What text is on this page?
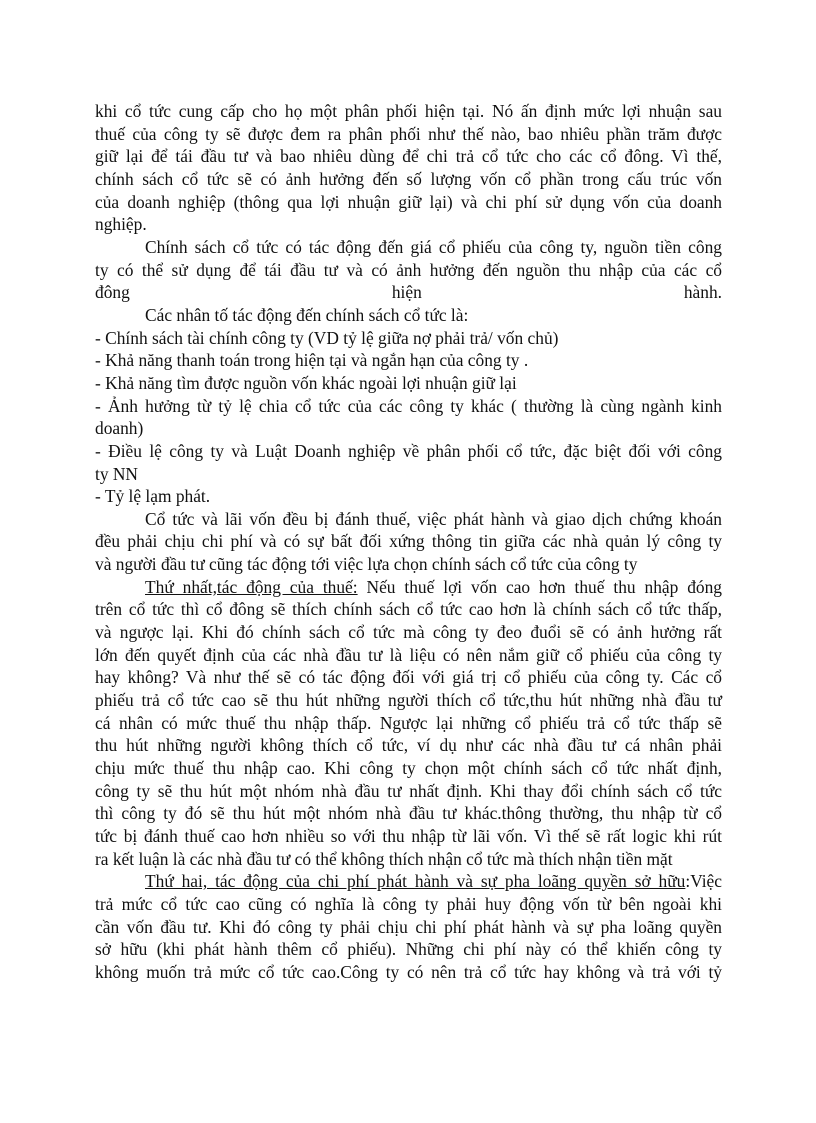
khi cổ tức cung cấp cho họ một phân phối hiện tại. Nó ấn định mức lợi nhuận sau
thuế của công ty sẽ được đem ra phân phối như thế nào, bao nhiêu phần trăm được
giữ lại để tái đầu tư và bao nhiêu dùng để chi trả cổ tức cho các cổ đông. Vì thế,
chính sách cổ tức sẽ có ảnh hưởng đến số lượng vốn cổ phần trong cấu trúc vốn
của doanh nghiệp (thông qua lợi nhuận giữ lại) và chi phí sử dụng vốn của doanh
nghiệp.
Chính sách cổ tức có tác động đến giá cổ phiếu của công ty, nguồn tiền công
ty có thể sử dụng để tái đầu tư và có ảnh hưởng đến nguồn thu nhập của các cổ
đông hiện hành.
Các nhân tố tác động đến chính sách cổ tức là:
- Chính sách tài chính công ty (VD tỷ lệ giữa nợ phải trả/ vốn chủ)
- Khả năng thanh toán trong hiện tại và ngắn hạn của công ty .
- Khả năng tìm được nguồn vốn khác ngoài lợi nhuận giữ lại
- Ảnh hưởng từ tỷ lệ chia cổ tức của các công ty khác ( thường là cùng ngành kinh
doanh)
- Điều lệ công ty và Luật Doanh nghiệp về phân phối cổ tức, đặc biệt đối với công
ty NN
- Tỷ lệ lạm phát.
Cổ tức và lãi vốn đều bị đánh thuế, việc phát hành và giao dịch chứng khoán
đều phải chịu chi phí và có sự bất đối xứng thông tin giữa các nhà quản lý công ty
và người đầu tư cũng tác động tới việc lựa chọn chính sách cổ tức của công ty
Thứ nhất,tác động của thuế: Nếu thuế lợi vốn cao hơn thuế thu nhập đóng
trên cổ tức thì cổ đông sẽ thích chính sách cổ tức cao hơn là chính sách cổ tức thấp,
và ngược lại. Khi đó chính sách cổ tức mà công ty đeo đuổi sẽ có ảnh hưởng rất
lớn đến quyết định của các nhà đầu tư là liệu có nên nắm giữ cổ phiếu của công ty
hay không? Và như thế sẽ có tác động đối với giá trị cổ phiếu của công ty. Các cổ
phiếu trả cổ tức cao sẽ thu hút những người thích cổ tức,thu hút những nhà đầu tư
cá nhân có mức thuế thu nhập thấp. Ngược lại những cổ phiếu trả cổ tức thấp sẽ
thu hút những người không thích cổ tức, ví dụ như các nhà đầu tư cá nhân phải
chịu mức thuế thu nhập cao. Khi công ty chọn một chính sách cổ tức nhất định,
công ty sẽ thu hút một nhóm nhà đầu tư nhất định. Khi thay đổi chính sách cổ tức
thì công ty đó sẽ thu hút một nhóm nhà đầu tư khác.thông thường, thu nhập từ cổ
tức bị đánh thuế cao hơn nhiều so với thu nhập từ lãi vốn. Vì thế sẽ rất logic khi rút
ra kết luận là các nhà đầu tư có thể không thích nhận cổ tức mà thích nhận tiền mặt
Thứ hai, tác động của chi phí phát hành và sự pha loãng quyền sở hữu:Việc
trả mức cổ tức cao cũng có nghĩa là công ty phải huy động vốn từ bên ngoài khi
cần vốn đầu tư. Khi đó công ty phải chịu chi phí phát hành và sự pha loãng quyền
sở hữu (khi phát hành thêm cổ phiếu). Những chi phí này có thể khiến công ty
không muốn trả mức cổ tức cao.Công ty có nên trả cổ tức hay không và trả với tỷ
